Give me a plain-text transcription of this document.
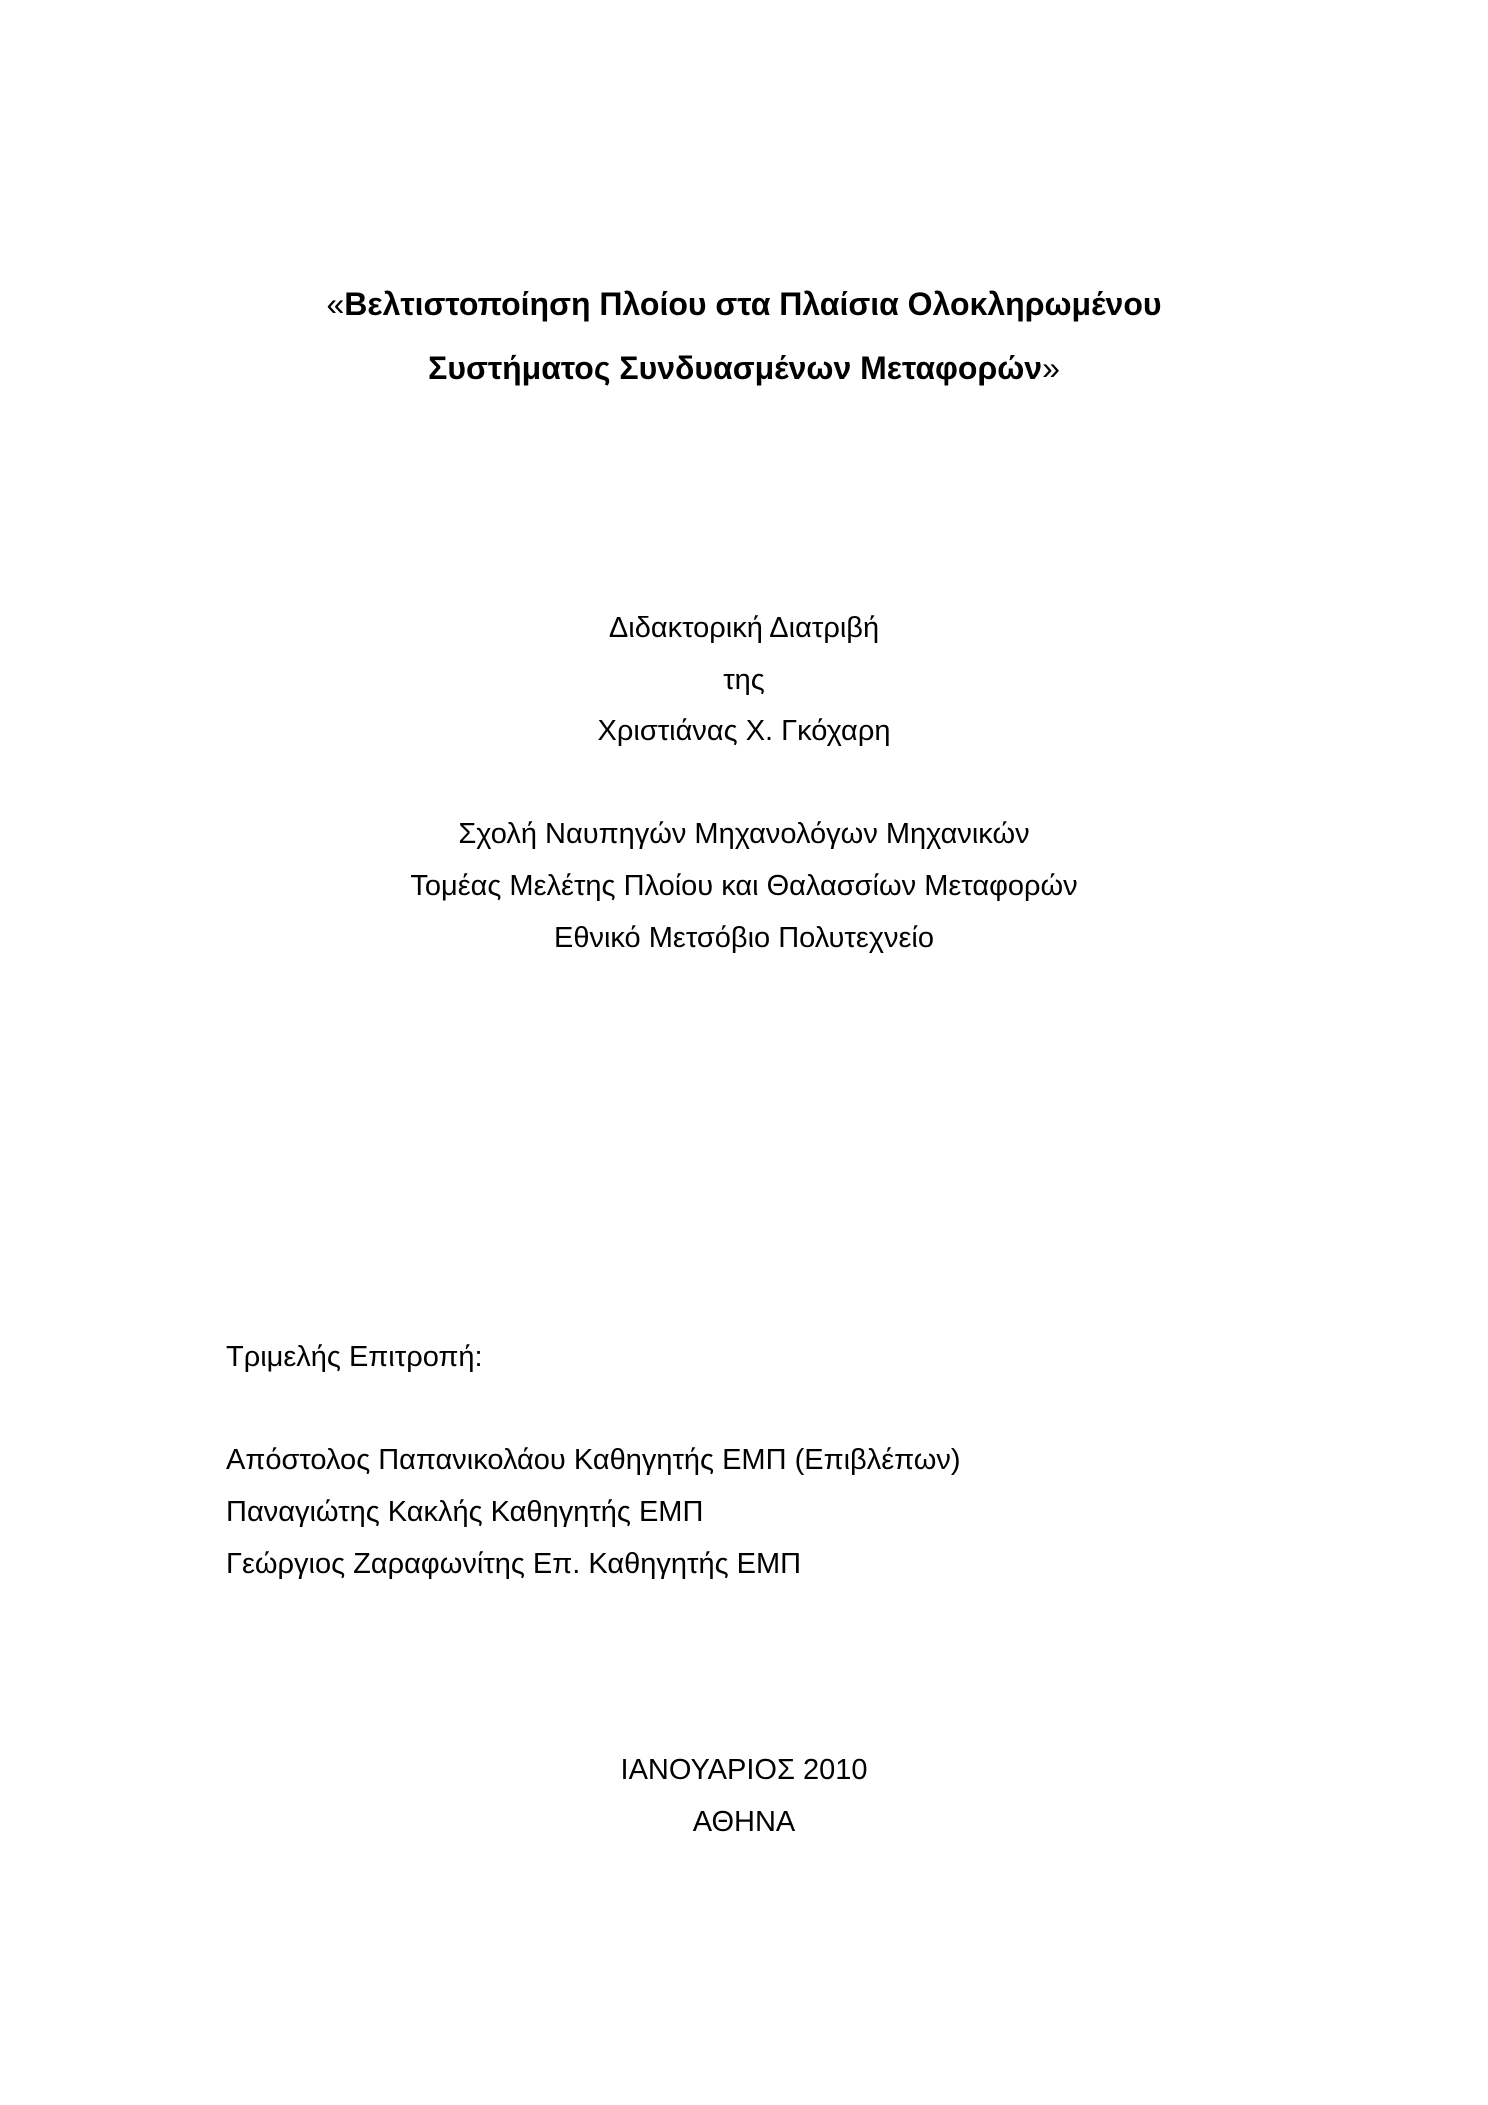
«Βελτιστοποίηση Πλοίου στα Πλαίσια Ολοκληρωμένου
Συστήματος Συνδυασμένων Μεταφορών»
Διδακτορική Διατριβή
της
Χριστιάνας Χ. Γκόχαρη
Σχολή Ναυπηγών Μηχανολόγων Μηχανικών
Τομέας Μελέτης Πλοίου και Θαλασσίων Μεταφορών
Εθνικό Μετσόβιο Πολυτεχνείο
Τριμελής Επιτροπή:
Απόστολος Παπανικολάου Καθηγητής ΕΜΠ (Επιβλέπων)
Παναγιώτης Κακλής Καθηγητής ΕΜΠ
Γεώργιος Ζαραφωνίτης Επ. Καθηγητής ΕΜΠ
ΙΑΝΟΥΑΡΙΟΣ 2010
ΑΘΗΝΑ
